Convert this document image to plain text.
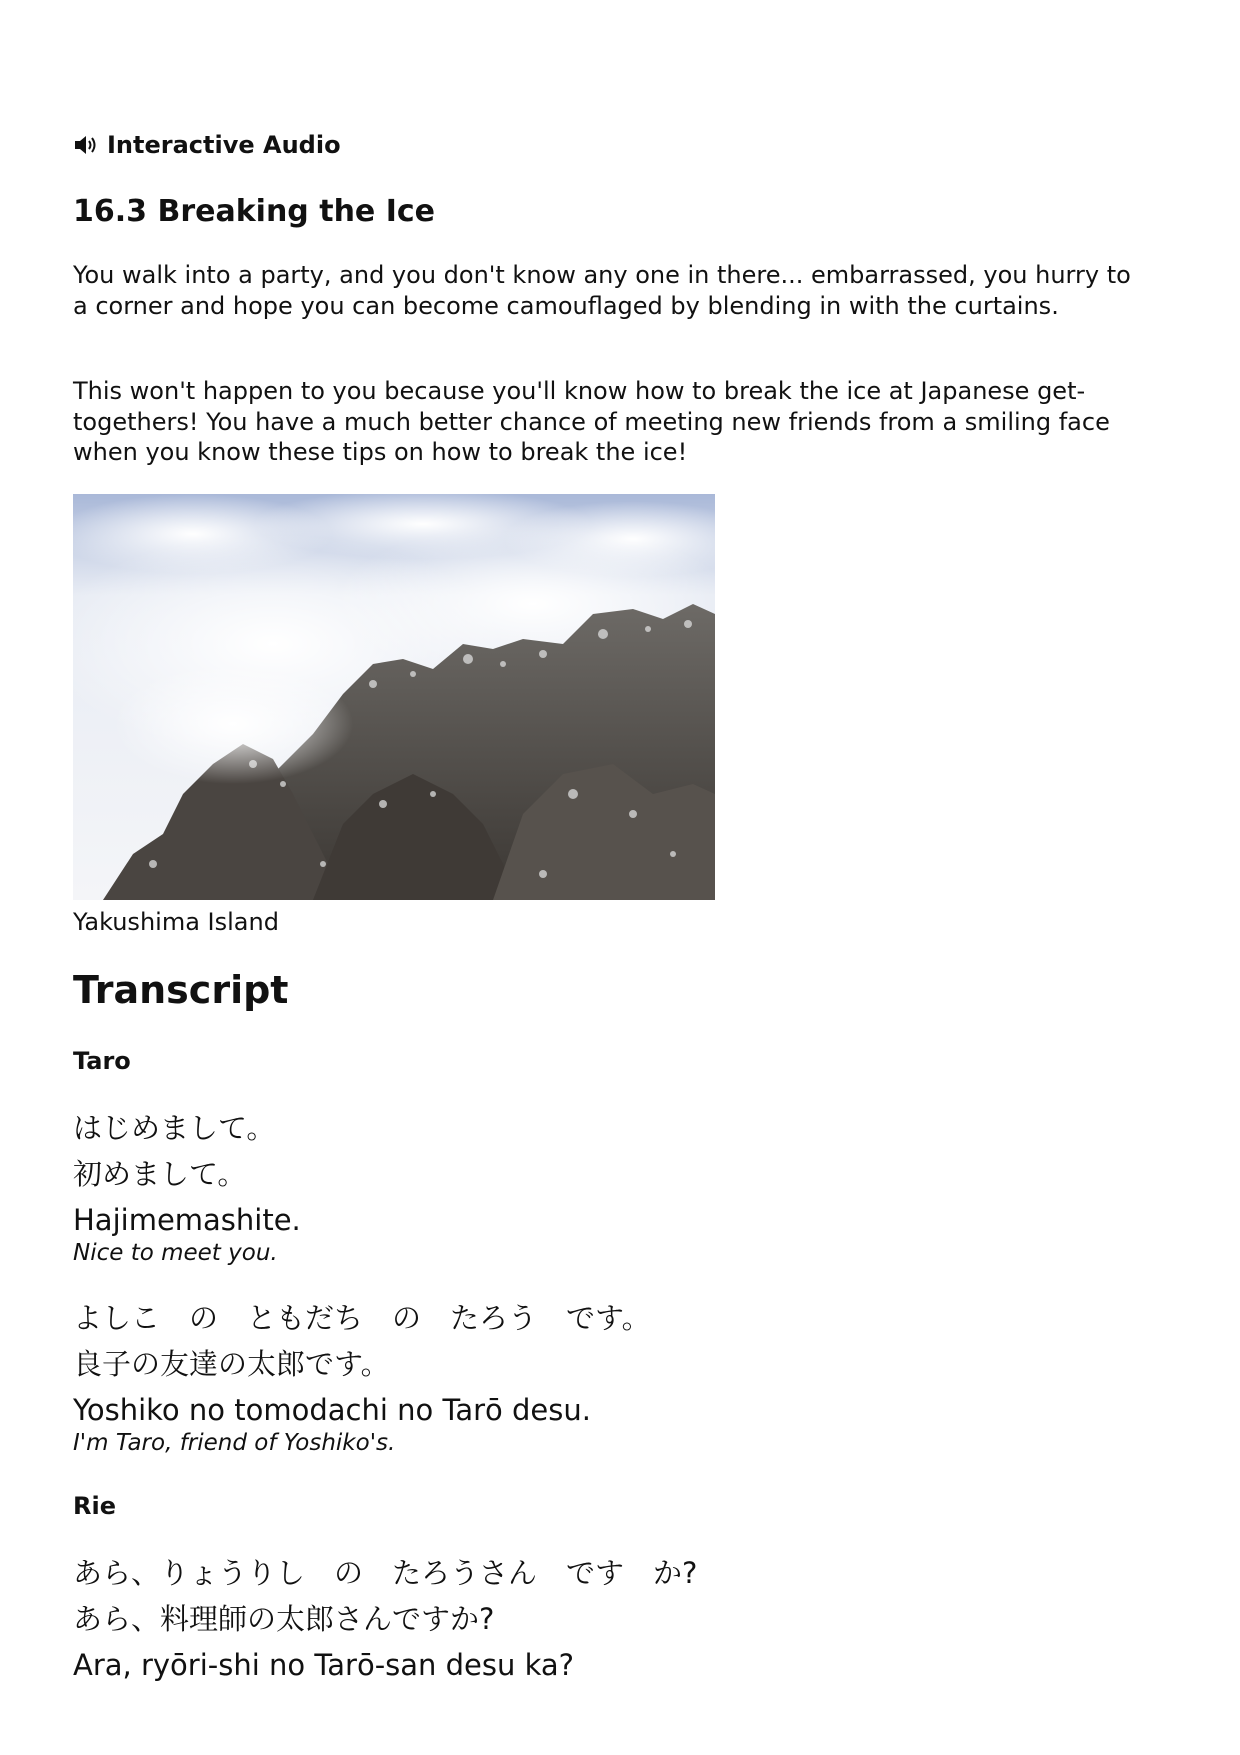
Interactive Audio
16.3 Breaking the Ice

You walk into a party, and you don't know any one in there... embarrassed, you hurry to a corner and hope you can become camouflaged by blending in with the curtains.

This won't happen to you because you'll know how to break the ice at Japanese get-togethers! You have a much better chance of meeting new friends from a smiling face when you know these tips on how to break the ice!

Yakushima Island
Transcript
Taro
はじめまして。
初めまして。
Hajimemashite.
Nice to meet you.
よしこ　の　ともだち　の　たろう　です。
良子の友達の太郎です。
Yoshiko no tomodachi no Tarō desu.
I'm Taro, friend of Yoshiko's.
Rie
あら、りょうりし　の　たろうさん　です　か?
あら、料理師の太郎さんですか?
Ara, ryōri-shi no Tarō-san desu ka?
